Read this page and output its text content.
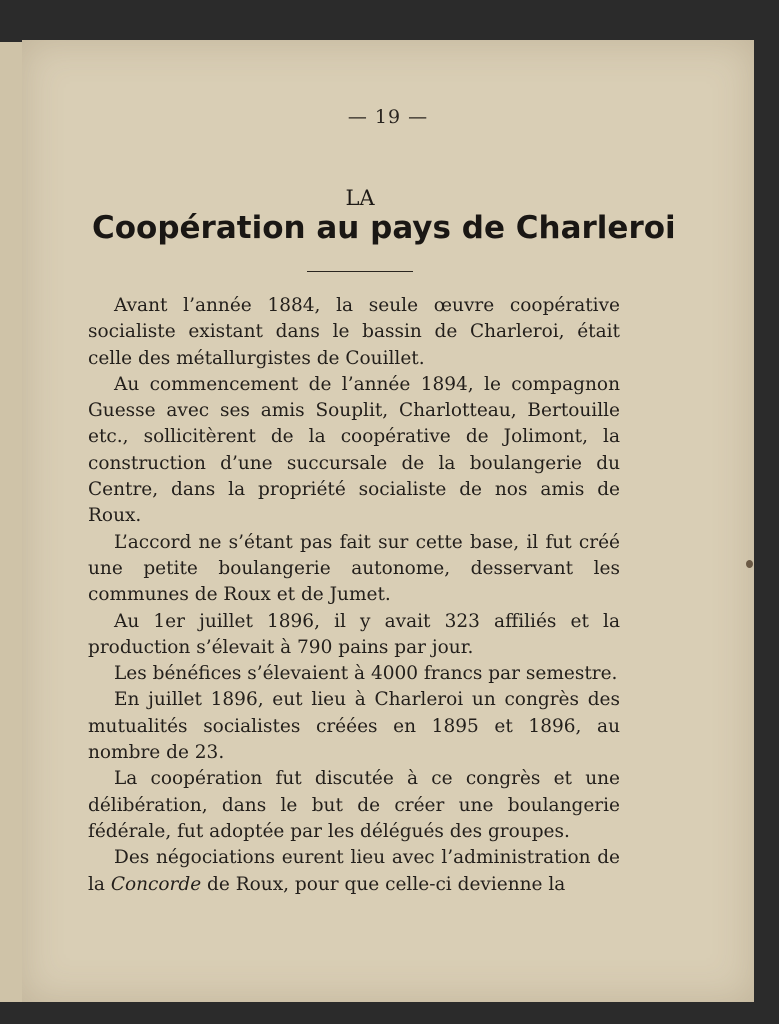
— 19 —
LA
Coopération au pays de Charleroi

Avant l’année 1884, la seule œuvre coopérative socialiste existant dans le bassin de Charleroi, était celle des métallurgistes de Couillet.

Au commencement de l’année 1894, le compagnon Guesse avec ses amis Souplit, Charlotteau, Bertouille etc., sollicitèrent de la coopérative de Jolimont, la construction d’une succursale de la boulangerie du Centre, dans la propriété socialiste de nos amis de Roux.

L’accord ne s’étant pas fait sur cette base, il fut créé une petite boulangerie autonome, desservant les communes de Roux et de Jumet.

Au 1er juillet 1896, il y avait 323 affiliés et la production s’élevait à 790 pains par jour.

Les bénéfices s’élevaient à 4000 francs par semestre.

En juillet 1896, eut lieu à Charleroi un congrès des mutualités socialistes créées en 1895 et 1896, au nombre de 23.

La coopération fut discutée à ce congrès et une délibération, dans le but de créer une boulangerie fédérale, fut adoptée par les délégués des groupes.

Des négociations eurent lieu avec l’administration de la Concorde de Roux, pour que celle-ci devienne la
